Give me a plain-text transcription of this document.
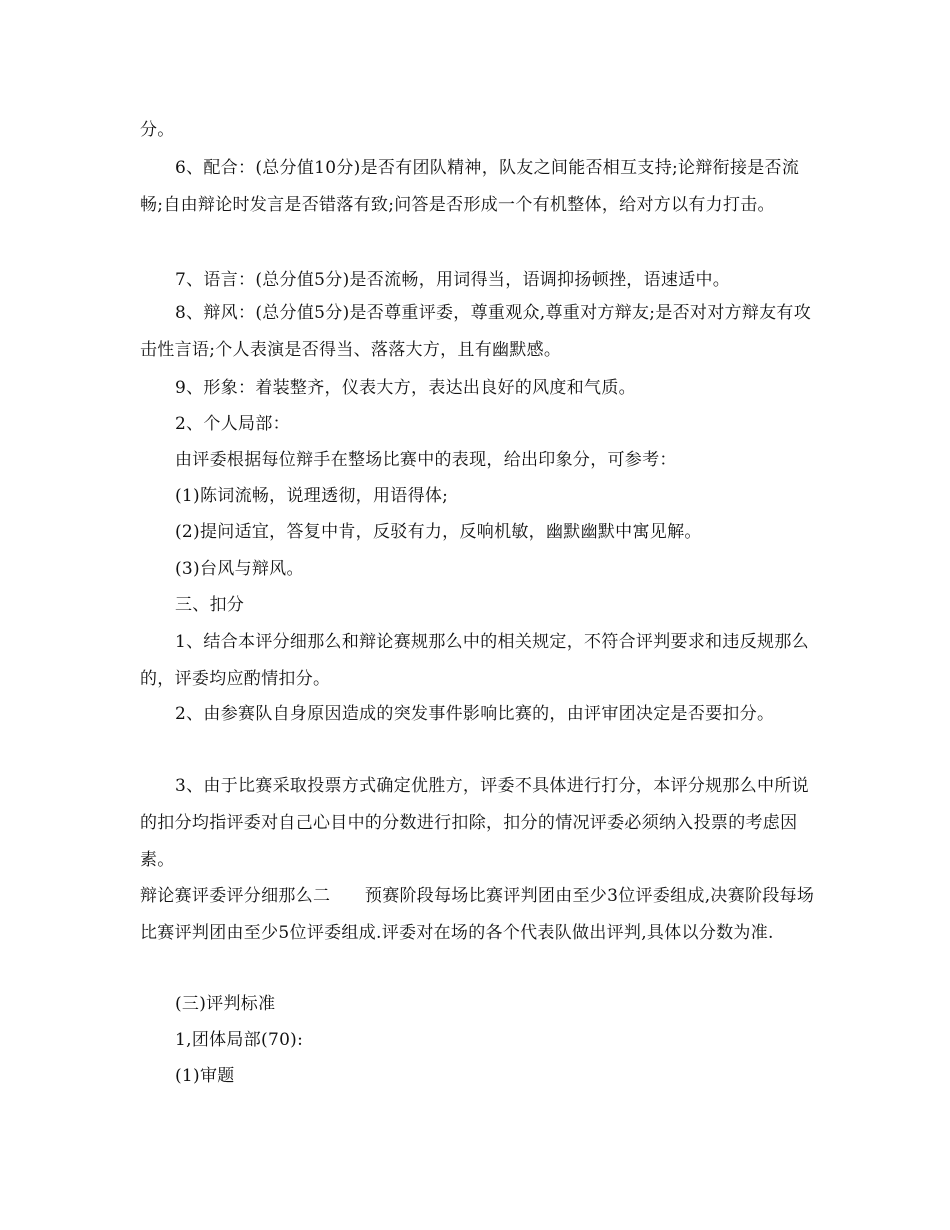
分。

6、配合：(总分值10分)是否有团队精神，队友之间能否相互支持;论辩衔接是否流畅;自由辩论时发言是否错落有致;问答是否形成一个有机整体，给对方以有力打击。

7、语言：(总分值5分)是否流畅，用词得当，语调抑扬顿挫，语速适中。

8、辩风：(总分值5分)是否尊重评委，尊重观众,尊重对方辩友;是否对对方辩友有攻击性言语;个人表演是否得当、落落大方，且有幽默感。

9、形象：着装整齐，仪表大方，表达出良好的风度和气质。

2、个人局部：

由评委根据每位辩手在整场比赛中的表现，给出印象分，可参考：

(1)陈词流畅，说理透彻，用语得体;

(2)提问适宜，答复中肯，反驳有力，反响机敏，幽默幽默中寓见解。

(3)台风与辩风。

三、扣分

1、结合本评分细那么和辩论赛规那么中的相关规定，不符合评判要求和违反规那么的，评委均应酌情扣分。

2、由参赛队自身原因造成的突发事件影响比赛的，由评审团决定是否要扣分。

3、由于比赛采取投票方式确定优胜方，评委不具体进行打分，本评分规那么中所说的扣分均指评委对自己心目中的分数进行扣除，扣分的情况评委必须纳入投票的考虑因素。

辩论赛评委评分细那么二　　预赛阶段每场比赛评判团由至少3位评委组成,决赛阶段每场比赛评判团由至少5位评委组成.评委对在场的各个代表队做出评判,具体以分数为准.

(三)评判标准

1,团体局部(70):

(1)审题
